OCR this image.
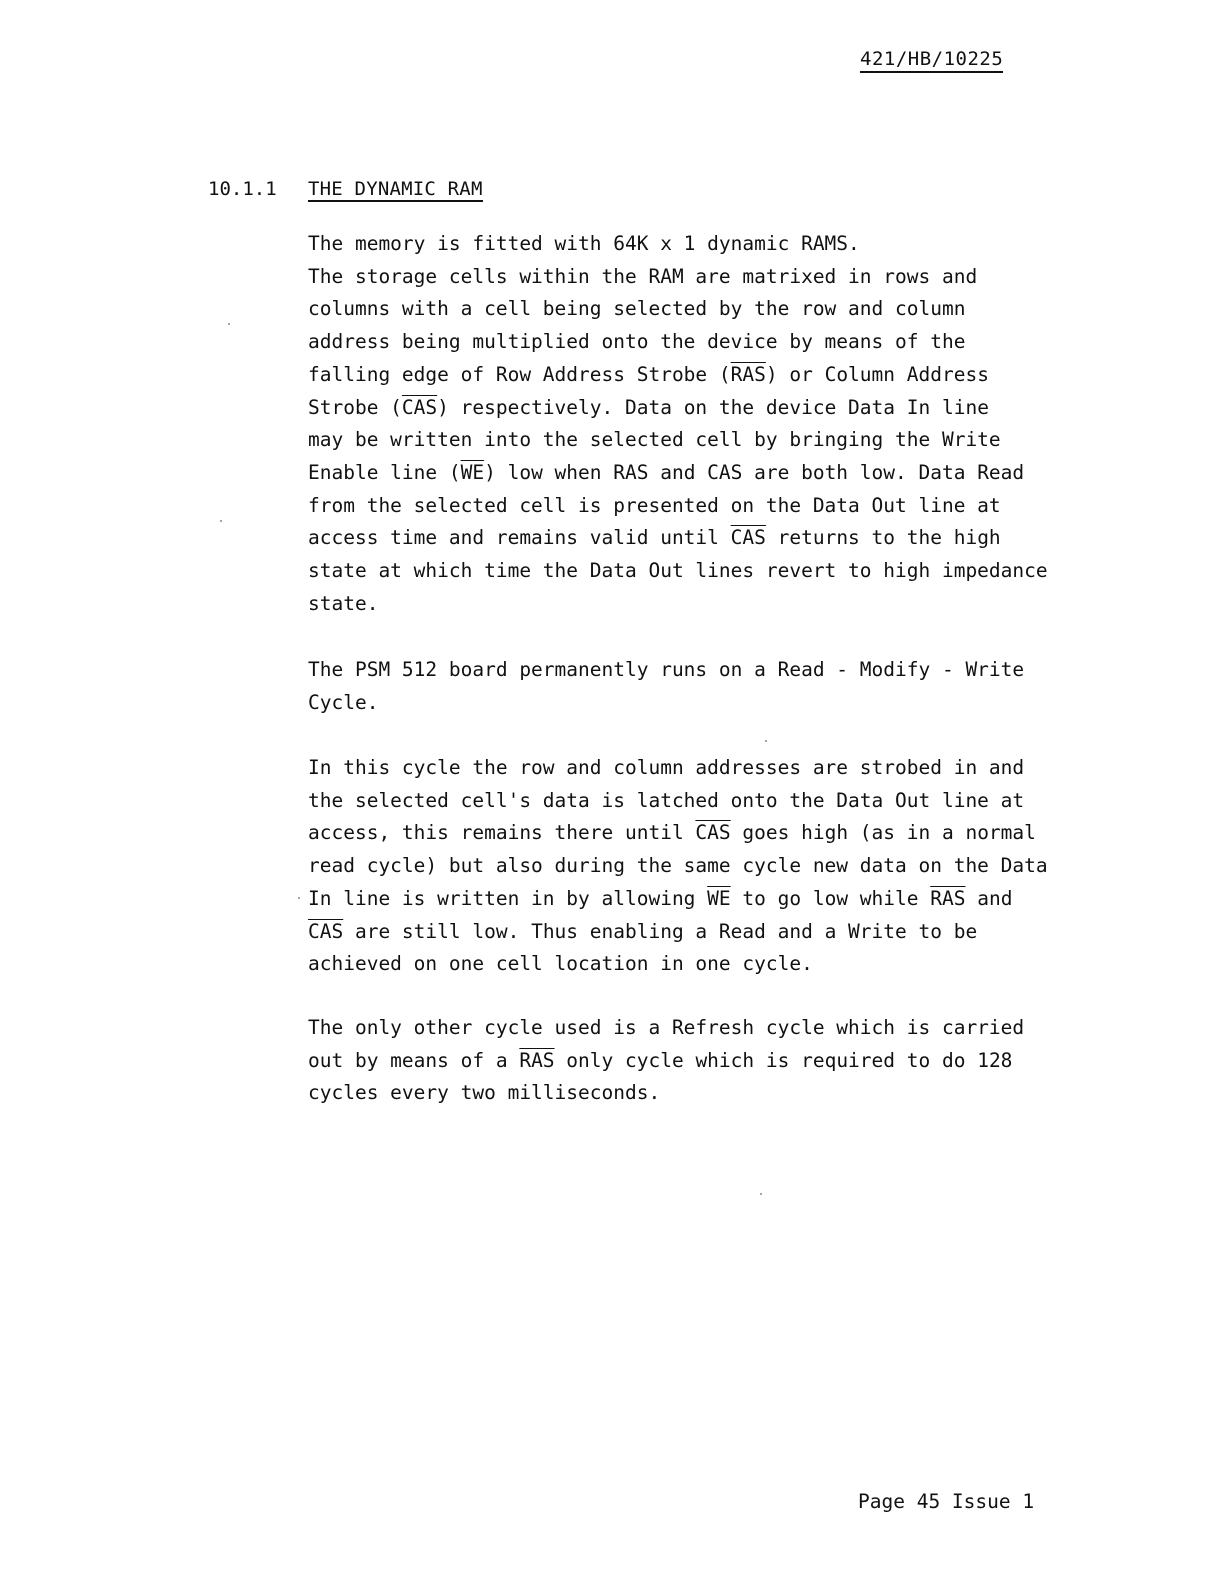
421/HB/10225
10.1.1 THE DYNAMIC RAM
The memory is fitted with 64K x 1 dynamic RAMS.
The storage cells within the RAM are matrixed in rows and
columns with a cell being selected by the row and column
address being multiplied onto the device by means of the
falling edge of Row Address Strobe $(\overline{RAS})$ or Column Address
Strobe $(\overline{CAS})$ respectively. Data on the device Data In line
may be written into the selected cell by bringing the Write
Enable line $(\overline{WE})$ low when RAS and CAS are both low. Data Read
from the selected cell is presented on the Data Out line at
access time and remains valid until $\overline{CAS}$ returns to the high
state at which time the Data Out lines revert to high impedance
state.
The PSM 512 board permanently runs on a Read - Modify - Write
Cycle.
In this cycle the row and column addresses are strobed in and
the selected cell's data is latched onto the Data Out line at
access, this remains there until $\overline{CAS}$ goes high (as in a normal
read cycle) but also during the same cycle new data on the Data
In line is written in by allowing $\overline{WE}$ to go low while $\overline{RAS}$ and
$\overline{CAS}$ are still low. Thus enabling a Read and a Write to be
achieved on one cell location in one cycle.
The only other cycle used is a Refresh cycle which is carried
out by means of a $\overline{RAS}$ only cycle which is required to do 128
cycles every two milliseconds.
Page 45 Issue 1
